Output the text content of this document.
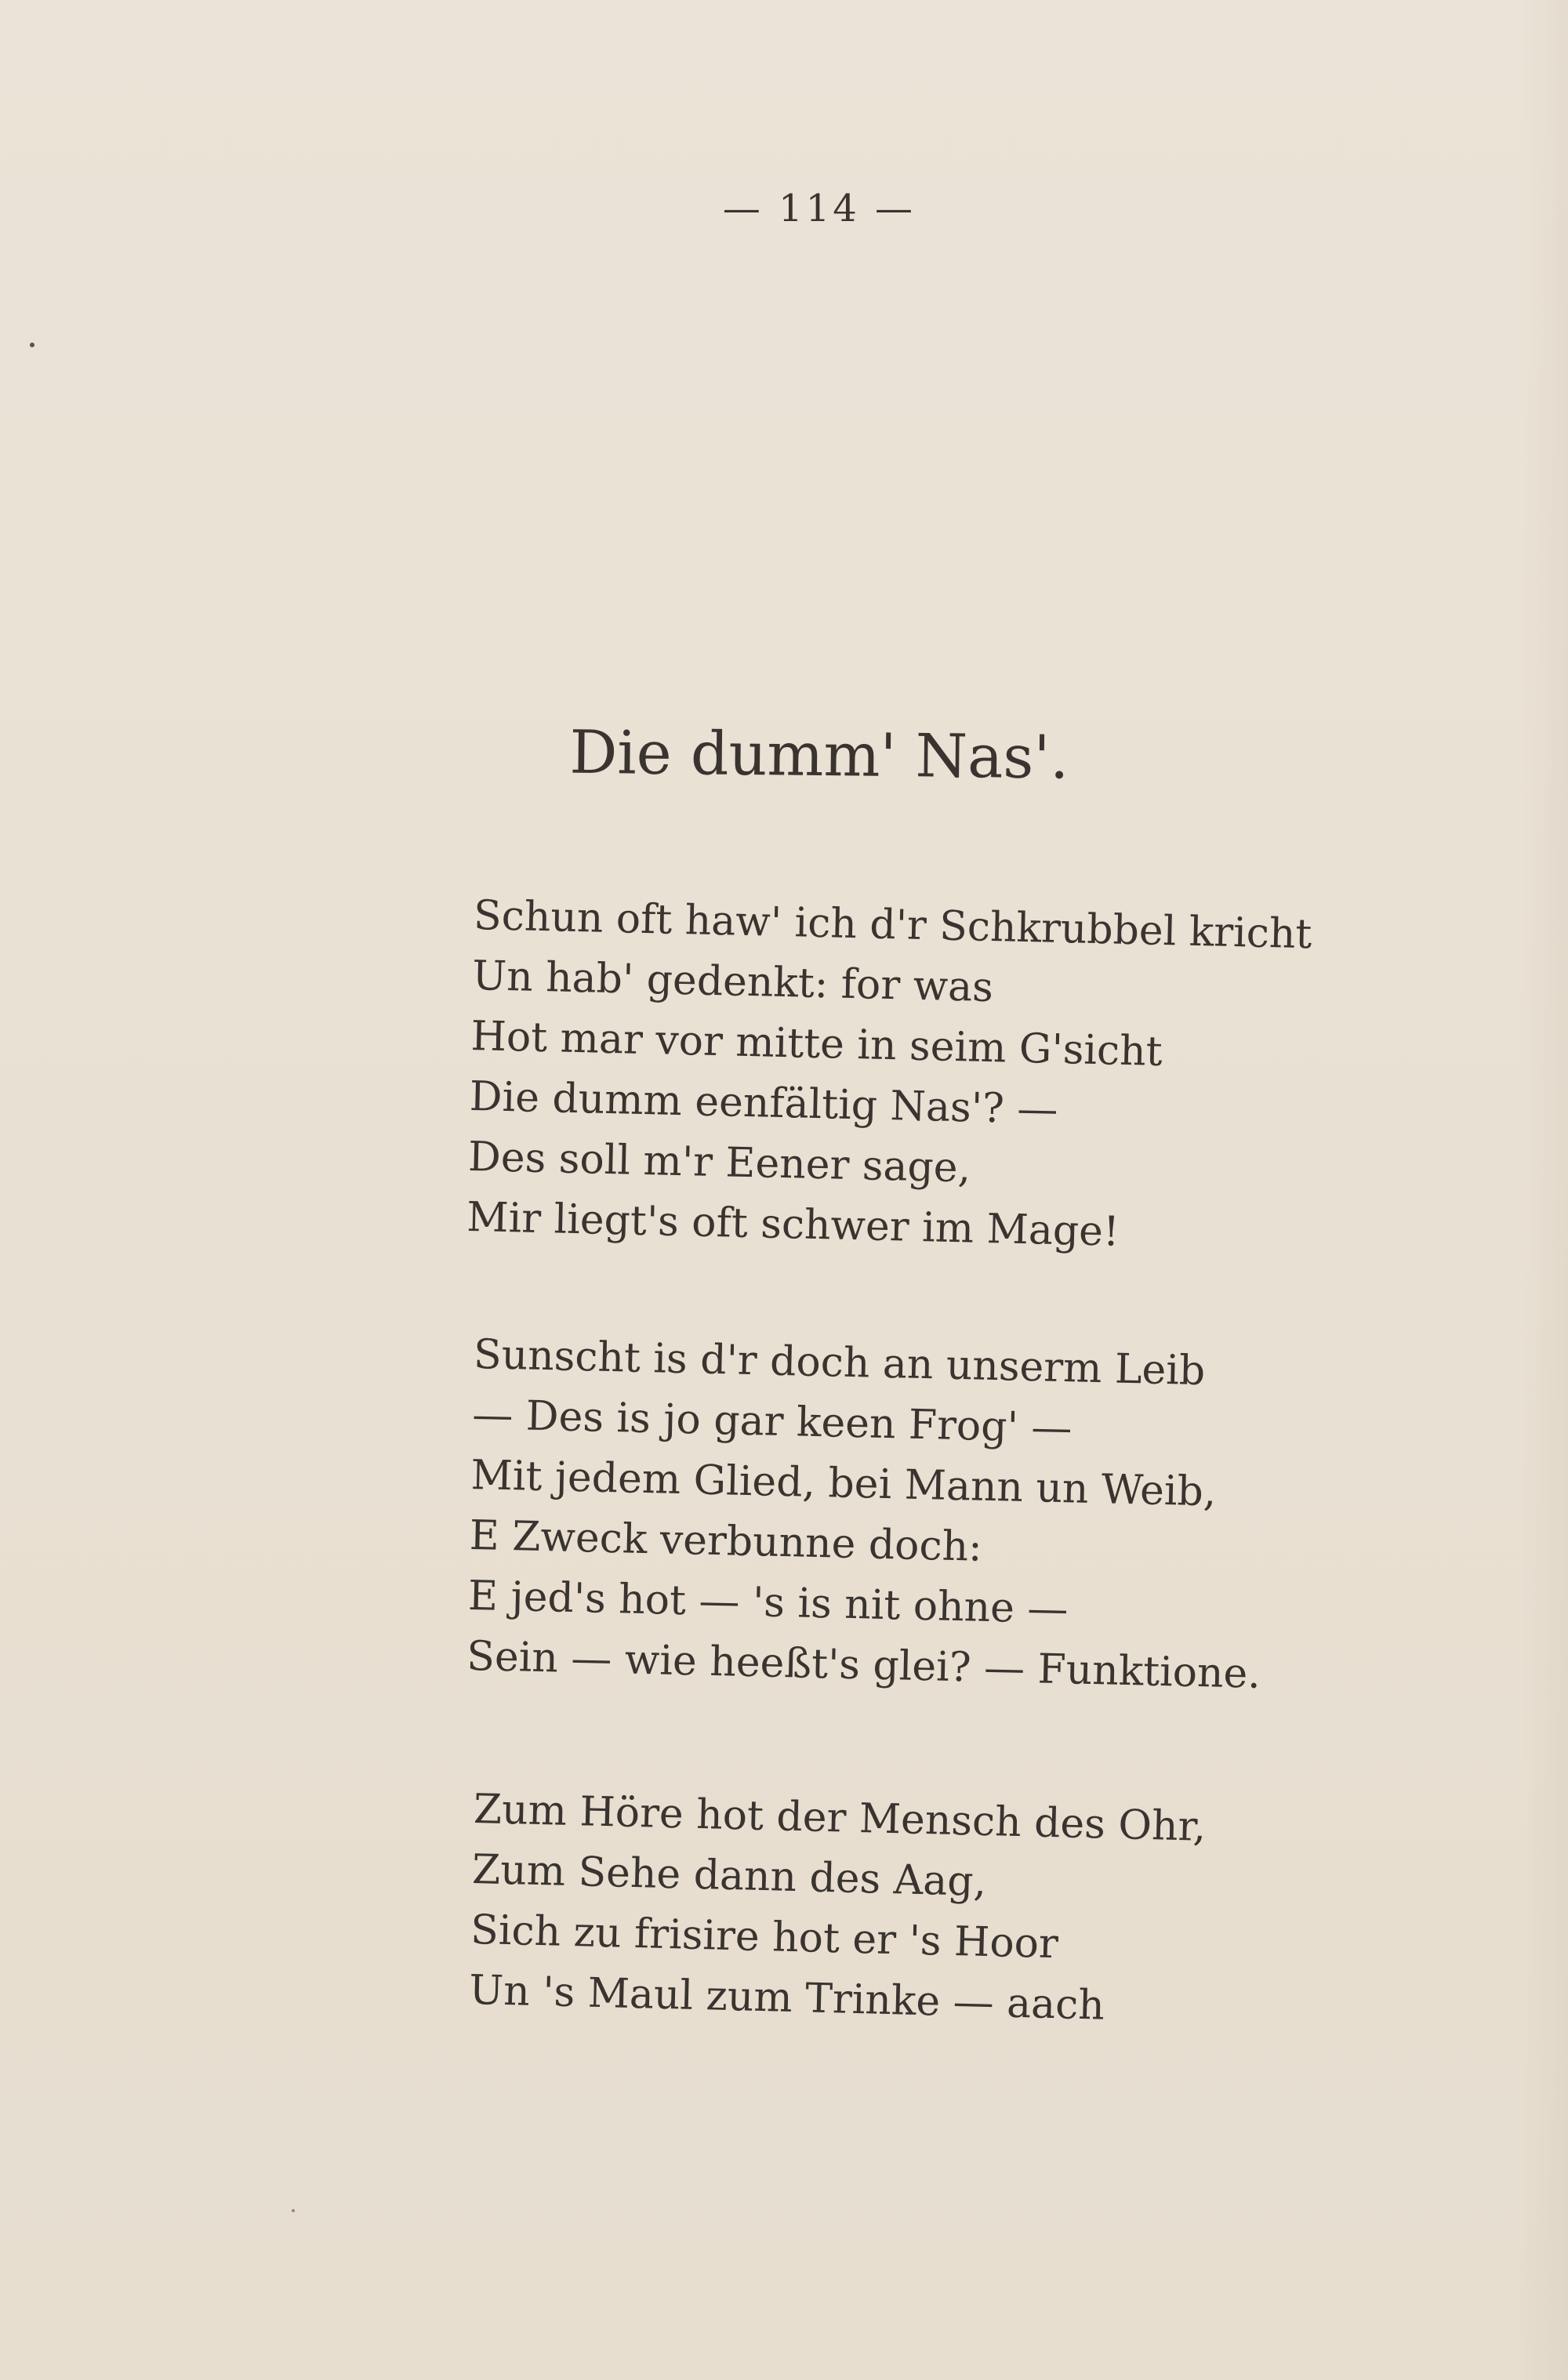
— 114 —
Die dumm' Nas'.
Schun oft haw' ich d'r Schkrubbel kricht
Un hab' gedenkt: for was
Hot mar vor mitte in seim G'sicht
Die dumm eenfältig Nas'? —
Des soll m'r Eener sage,
Mir liegt's oft schwer im Mage!
Sunscht is d'r doch an unserm Leib
— Des is jo gar keen Frog' —
Mit jedem Glied, bei Mann un Weib,
E Zweck verbunne doch:
E jed's hot — 's is nit ohne —
Sein — wie heeßt's glei? — Funktione.
Zum Höre hot der Mensch des Ohr,
Zum Sehe dann des Aag,
Sich zu frisire hot er 's Hoor
Un 's Maul zum Trinke — aach
